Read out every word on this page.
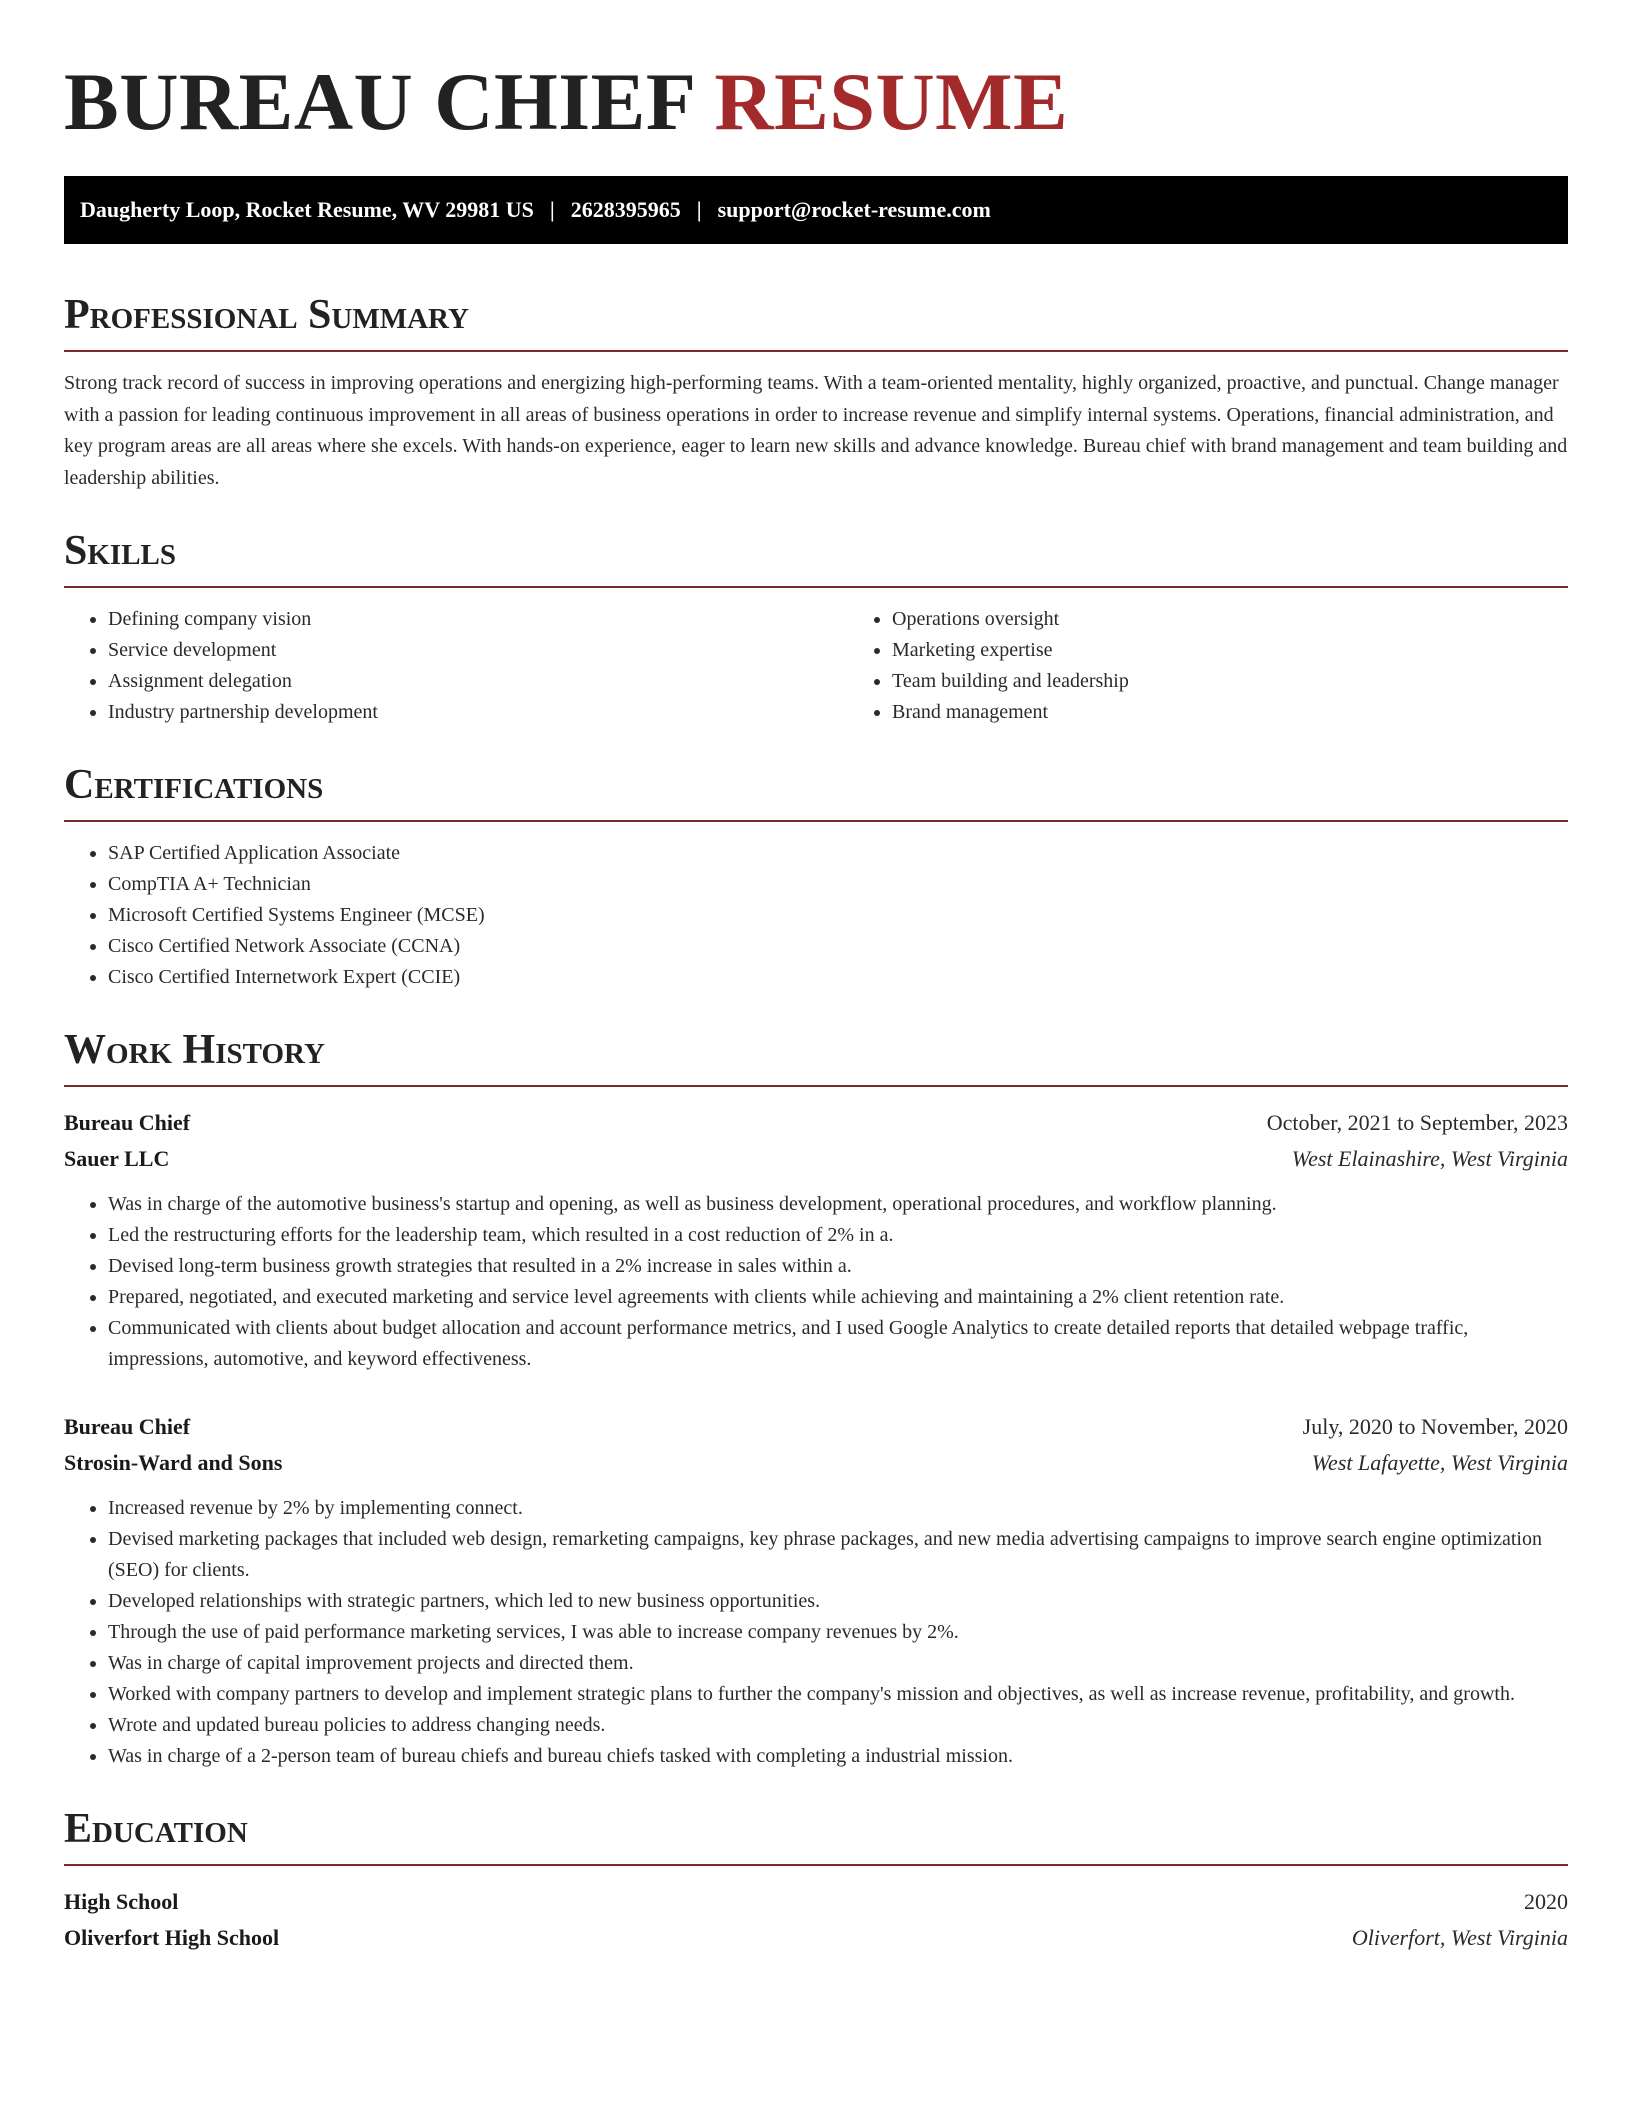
BUREAU CHIEF RESUME
Daugherty Loop, Rocket Resume, WV 29981 US | 2628395965 | support@rocket-resume.com
Professional Summary

Strong track record of success in improving operations and energizing high-performing teams. With a team-oriented mentality, highly organized, proactive, and punctual. Change manager with a passion for leading continuous improvement in all areas of business operations in order to increase revenue and simplify internal systems. Operations, financial administration, and key program areas are all areas where she excels. With hands-on experience, eager to learn new skills and advance knowledge. Bureau chief with brand management and team building and leadership abilities.

Skills
• Defining company vision
• Service development
• Assignment delegation
• Industry partnership development
• Operations oversight
• Marketing expertise
• Team building and leadership
• Brand management
Certifications
• SAP Certified Application Associate
• CompTIA A+ Technician
• Microsoft Certified Systems Engineer (MCSE)
• Cisco Certified Network Associate (CCNA)
• Cisco Certified Internetwork Expert (CCIE)
Work History
Bureau Chief	October, 2021 to September, 2023
Sauer LLC	West Elainashire, West Virginia
• Was in charge of the automotive business's startup and opening, as well as business development, operational procedures, and workflow planning.
• Led the restructuring efforts for the leadership team, which resulted in a cost reduction of 2% in a.
• Devised long-term business growth strategies that resulted in a 2% increase in sales within a.
• Prepared, negotiated, and executed marketing and service level agreements with clients while achieving and maintaining a 2% client retention rate.
• Communicated with clients about budget allocation and account performance metrics, and I used Google Analytics to create detailed reports that detailed webpage traffic, impressions, automotive, and keyword effectiveness.
Bureau Chief	July, 2020 to November, 2020
Strosin-Ward and Sons	West Lafayette, West Virginia
• Increased revenue by 2% by implementing connect.
• Devised marketing packages that included web design, remarketing campaigns, key phrase packages, and new media advertising campaigns to improve search engine optimization (SEO) for clients.
• Developed relationships with strategic partners, which led to new business opportunities.
• Through the use of paid performance marketing services, I was able to increase company revenues by 2%.
• Was in charge of capital improvement projects and directed them.
• Worked with company partners to develop and implement strategic plans to further the company's mission and objectives, as well as increase revenue, profitability, and growth.
• Wrote and updated bureau policies to address changing needs.
• Was in charge of a 2-person team of bureau chiefs and bureau chiefs tasked with completing a industrial mission.
Education
High School	2020
Oliverfort High School	Oliverfort, West Virginia
